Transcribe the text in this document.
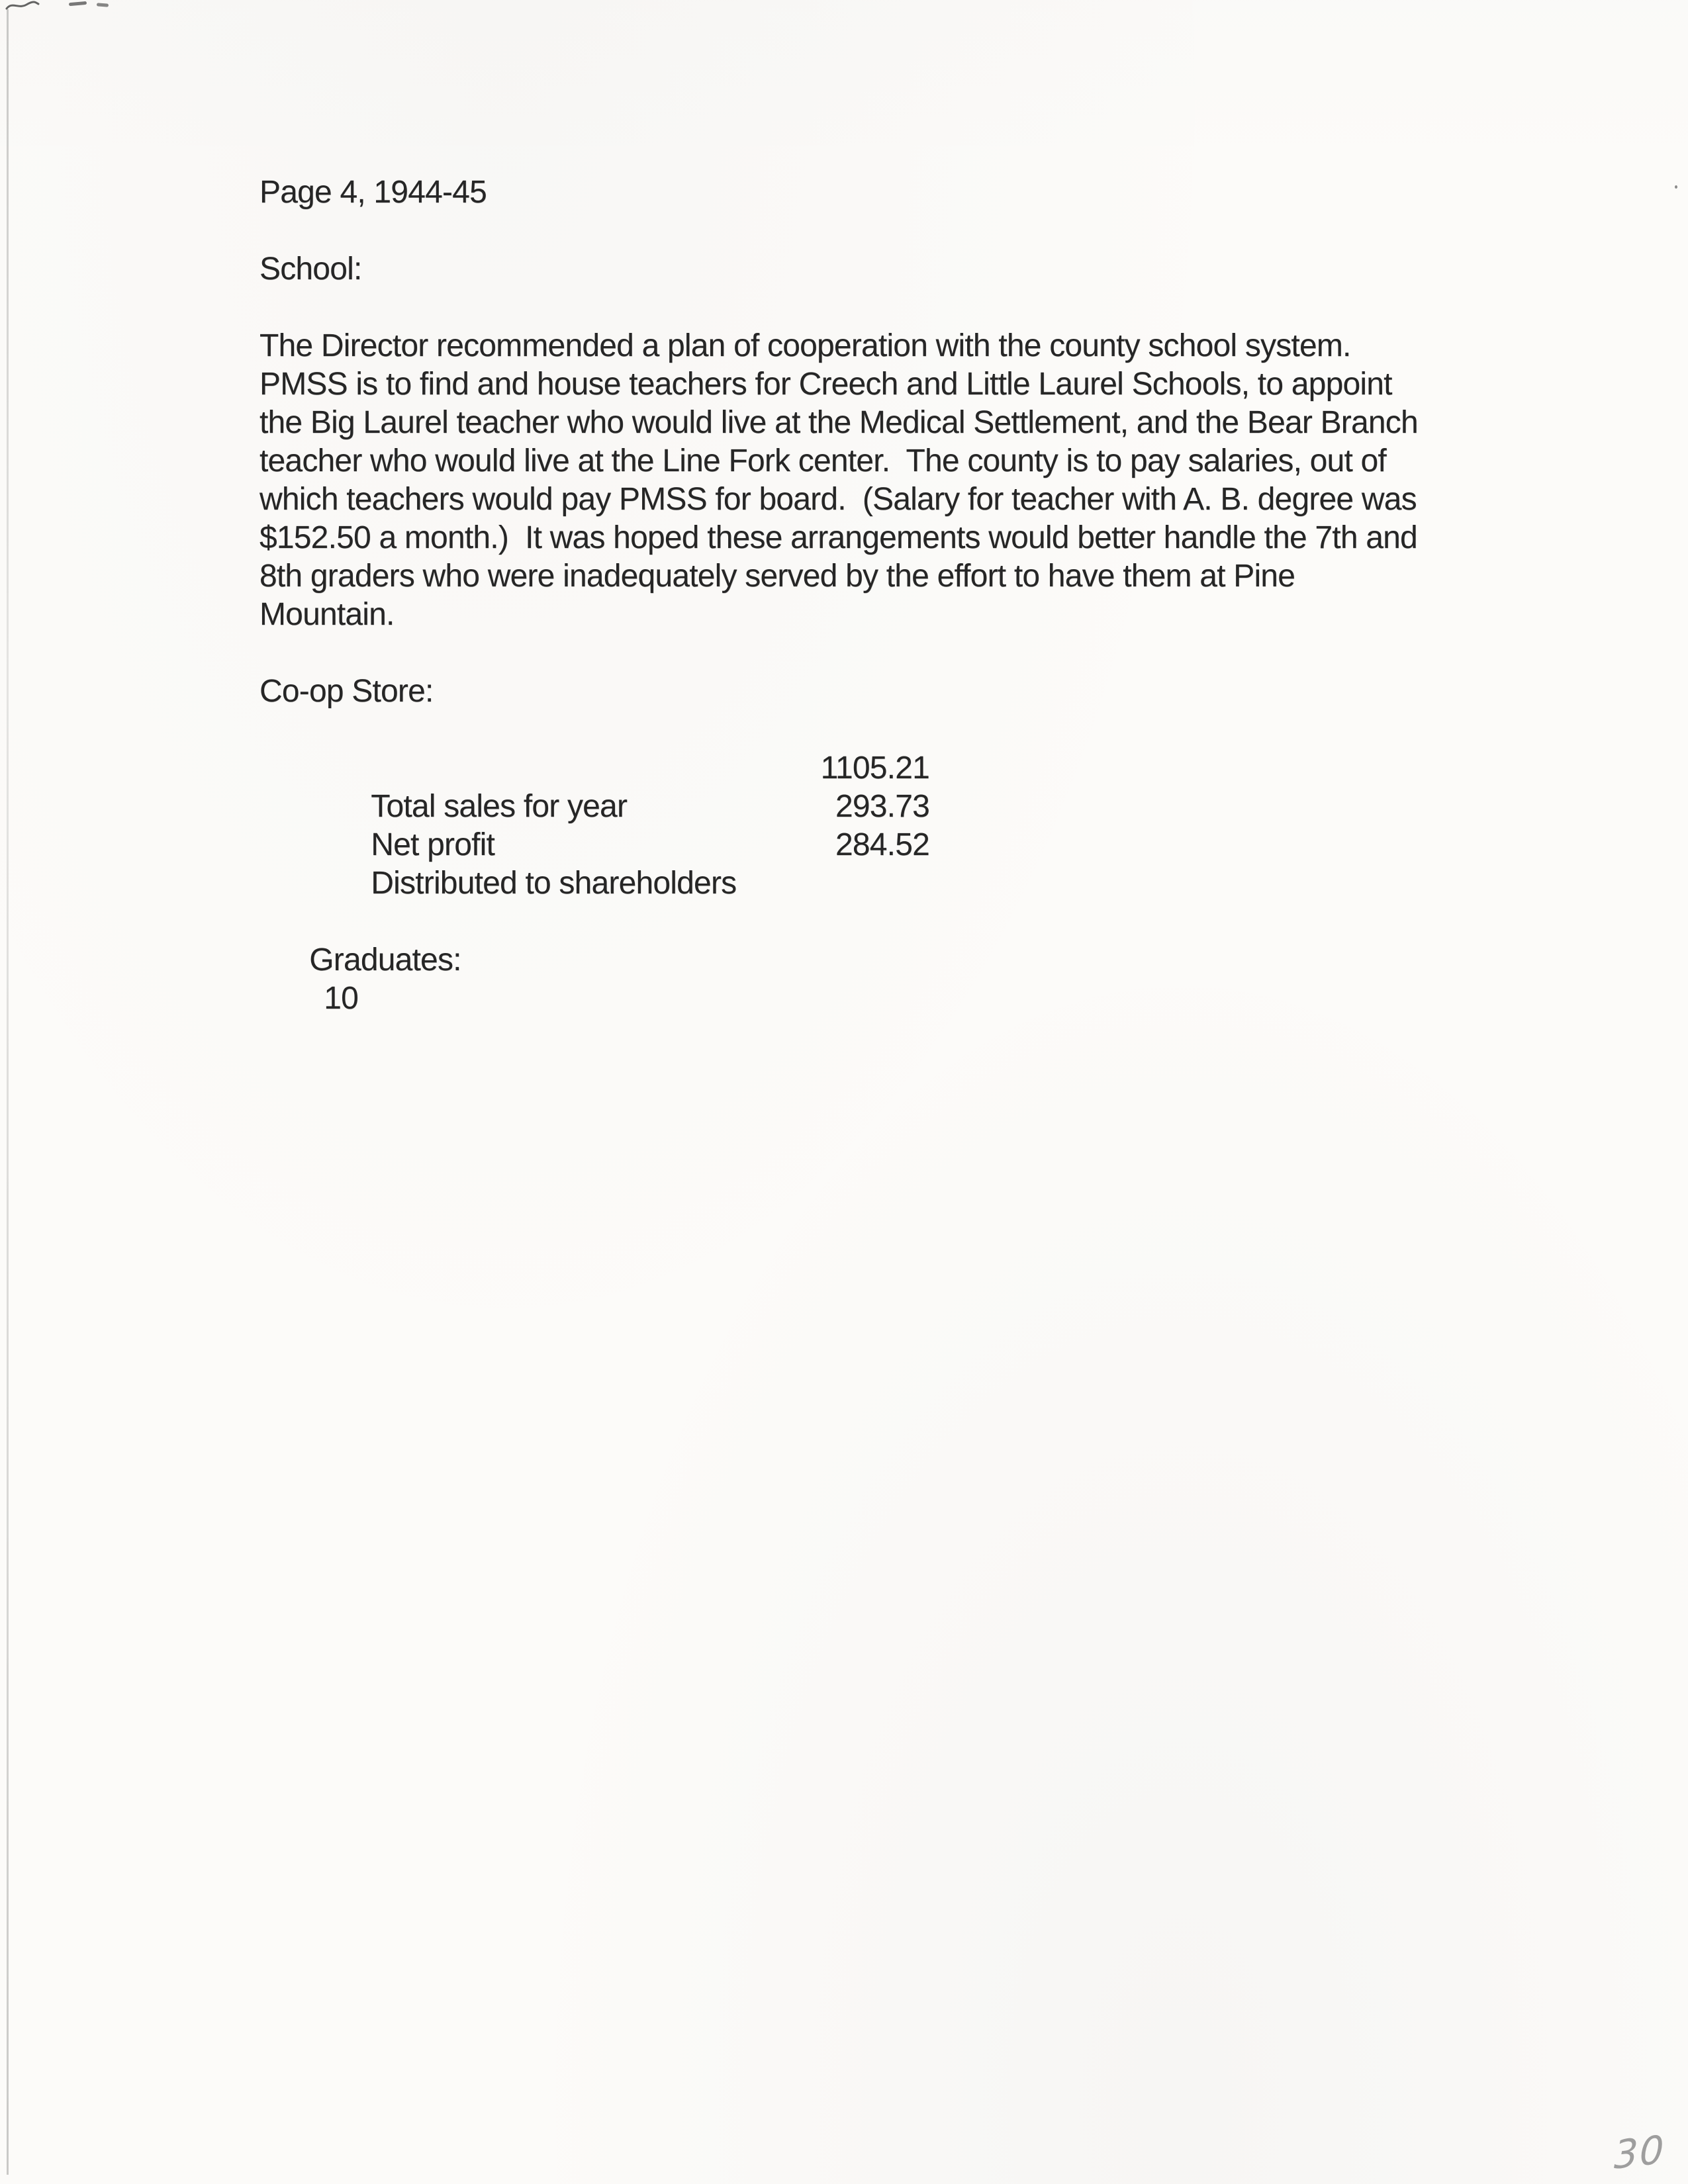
Page 4, 1944-45
School:
The Director recommended a plan of cooperation with the county school system.
PMSS is to find and house teachers for Creech and Little Laurel Schools, to appoint
the Big Laurel teacher who would live at the Medical Settlement, and the Bear Branch
teacher who would live at the Line Fork center.  The county is to pay salaries, out of
which teachers would pay PMSS for board.  (Salary for teacher with A. B. degree was
$152.50 a month.)  It was hoped these arrangements would better handle the 7th and
8th graders who were inadequately served by the effort to have them at Pine
Mountain.
Co-op Store:

Total sales for year

1105.21

Net profit

293.73

Distributed to shareholders

284.52

Graduates:
10

30
